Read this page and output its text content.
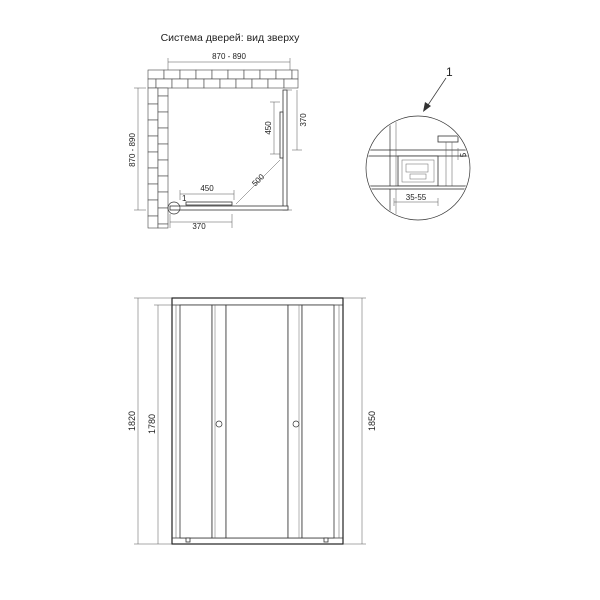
Система дверей: вид зверху
870 - 890
870 - 890
450
370
500
450
370
1
1
5
35-55
1820 1780	1850
